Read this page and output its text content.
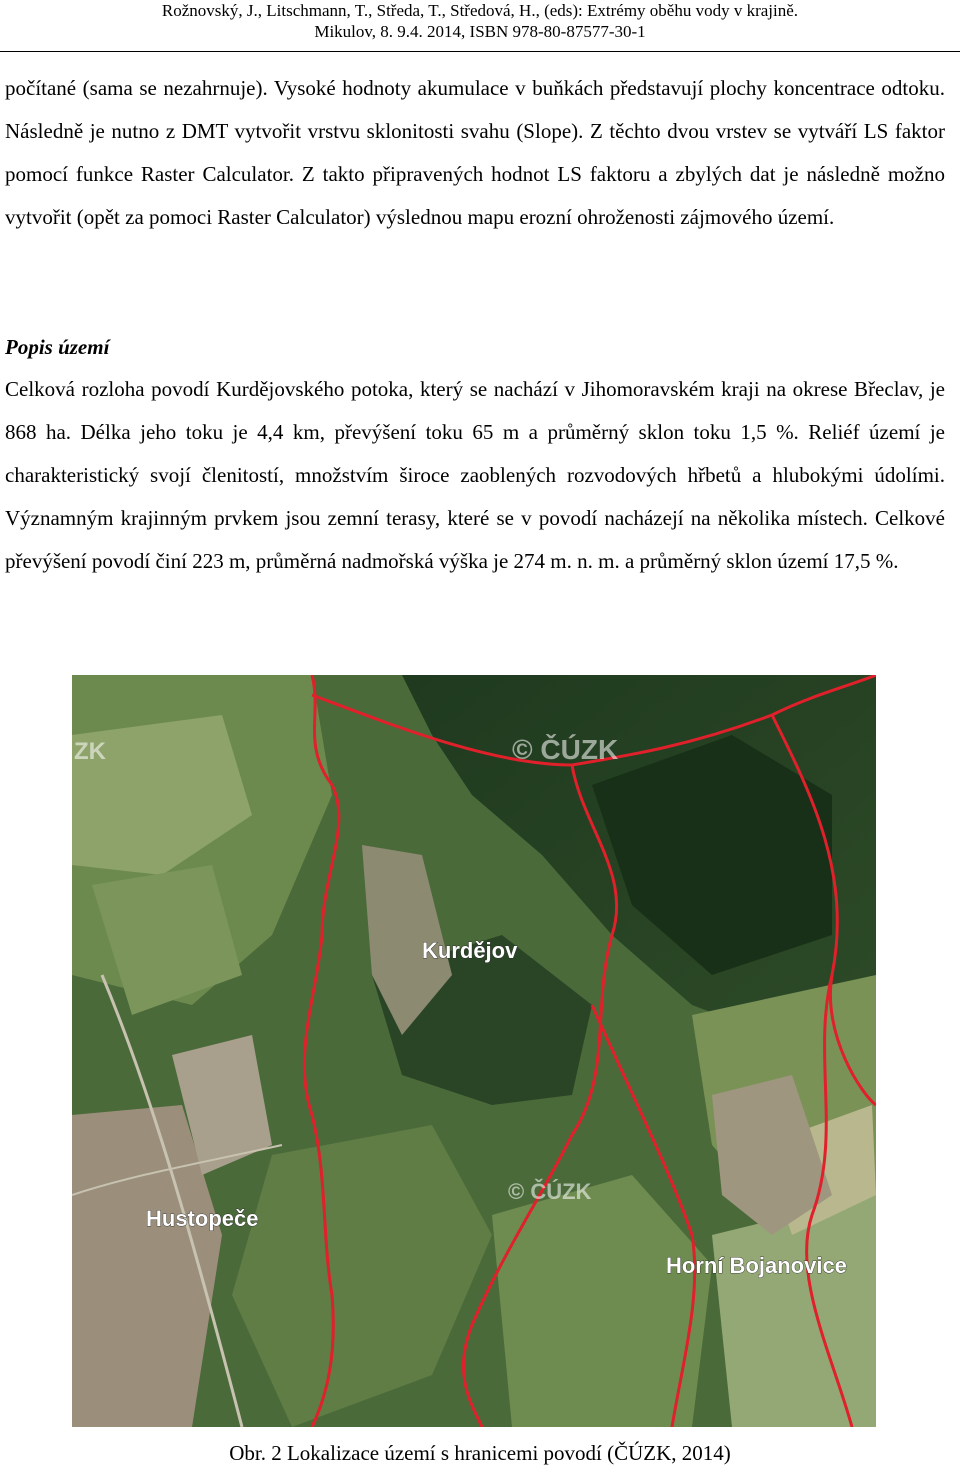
Rožnovský, J., Litschmann, T., Středa, T., Středová, H., (eds): Extrémy oběhu vody v krajině.
Mikulov, 8. 9.4. 2014, ISBN 978-80-87577-30-1

počítané (sama se nezahrnuje). Vysoké hodnoty akumulace v buňkách představují plochy koncentrace odtoku. Následně je nutno z DMT vytvořit vrstvu sklonitosti svahu (Slope). Z těchto dvou vrstev se vytváří LS faktor pomocí funkce Raster Calculator. Z takto připravených hodnot LS faktoru a zbylých dat je následně možno vytvořit (opět za pomoci Raster Calculator) výslednou mapu erozní ohroženosti zájmového území.

Popis území

Celková rozloha povodí Kurdějovského potoka, který se nachází v Jihomoravském kraji na okrese Břeclav, je 868 ha. Délka jeho toku je 4,4 km, převýšení toku 65 m a průměrný sklon toku 1,5 %. Reliéf území je charakteristický svojí členitostí, množstvím široce zaoblených rozvodových hřbetů a hlubokými údolími. Významným krajinným prvkem jsou zemní terasy, které se v povodí nacházejí na několika místech. Celkové převýšení povodí činí 223 m, průměrná nadmořská výška je 274 m. n. m. a průměrný sklon území 17,5 %.

© ČÚZK
© ČÚZK
ZK
Kurdějov
Hustopeče
Horní Bojanovice
Obr. 2 Lokalizace území s hranicemi povodí (ČÚZK, 2014)
